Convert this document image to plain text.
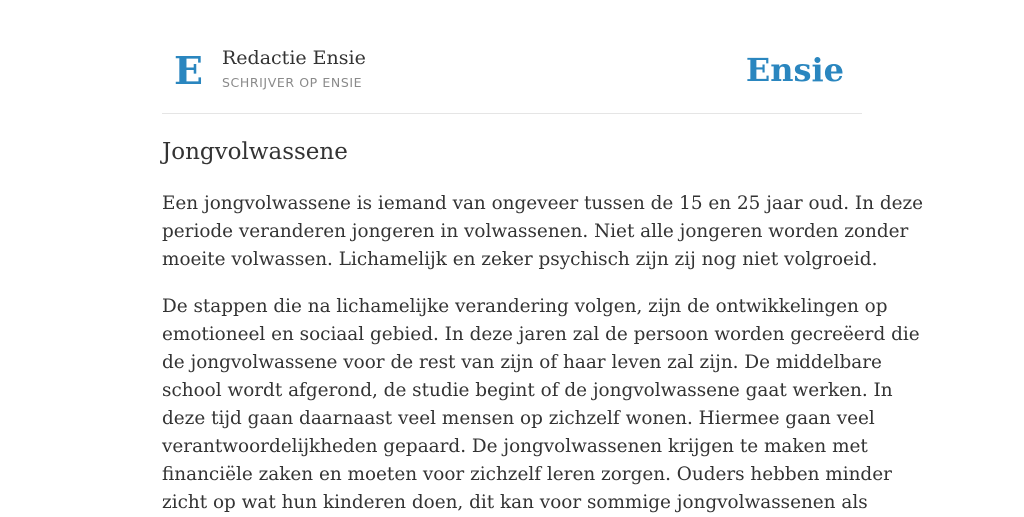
E Redactie Ensie
SCHRIJVER OP ENSIE	Ensie
Jongvolwassene

Een jongvolwassene is iemand van ongeveer tussen de 15 en 25 jaar oud. In deze
periode veranderen jongeren in volwassenen. Niet alle jongeren worden zonder
moeite volwassen. Lichamelijk en zeker psychisch zijn zij nog niet volgroeid.

De stappen die na lichamelijke verandering volgen, zijn de ontwikkelingen op
emotioneel en sociaal gebied. In deze jaren zal de persoon worden gecreëerd die
de jongvolwassene voor de rest van zijn of haar leven zal zijn. De middelbare
school wordt afgerond, de studie begint of de jongvolwassene gaat werken. In
deze tijd gaan daarnaast veel mensen op zichzelf wonen. Hiermee gaan veel
verantwoordelijkheden gepaard. De jongvolwassenen krijgen te maken met
financiële zaken en moeten voor zichzelf leren zorgen. Ouders hebben minder
zicht op wat hun kinderen doen, dit kan voor sommige jongvolwassenen als
